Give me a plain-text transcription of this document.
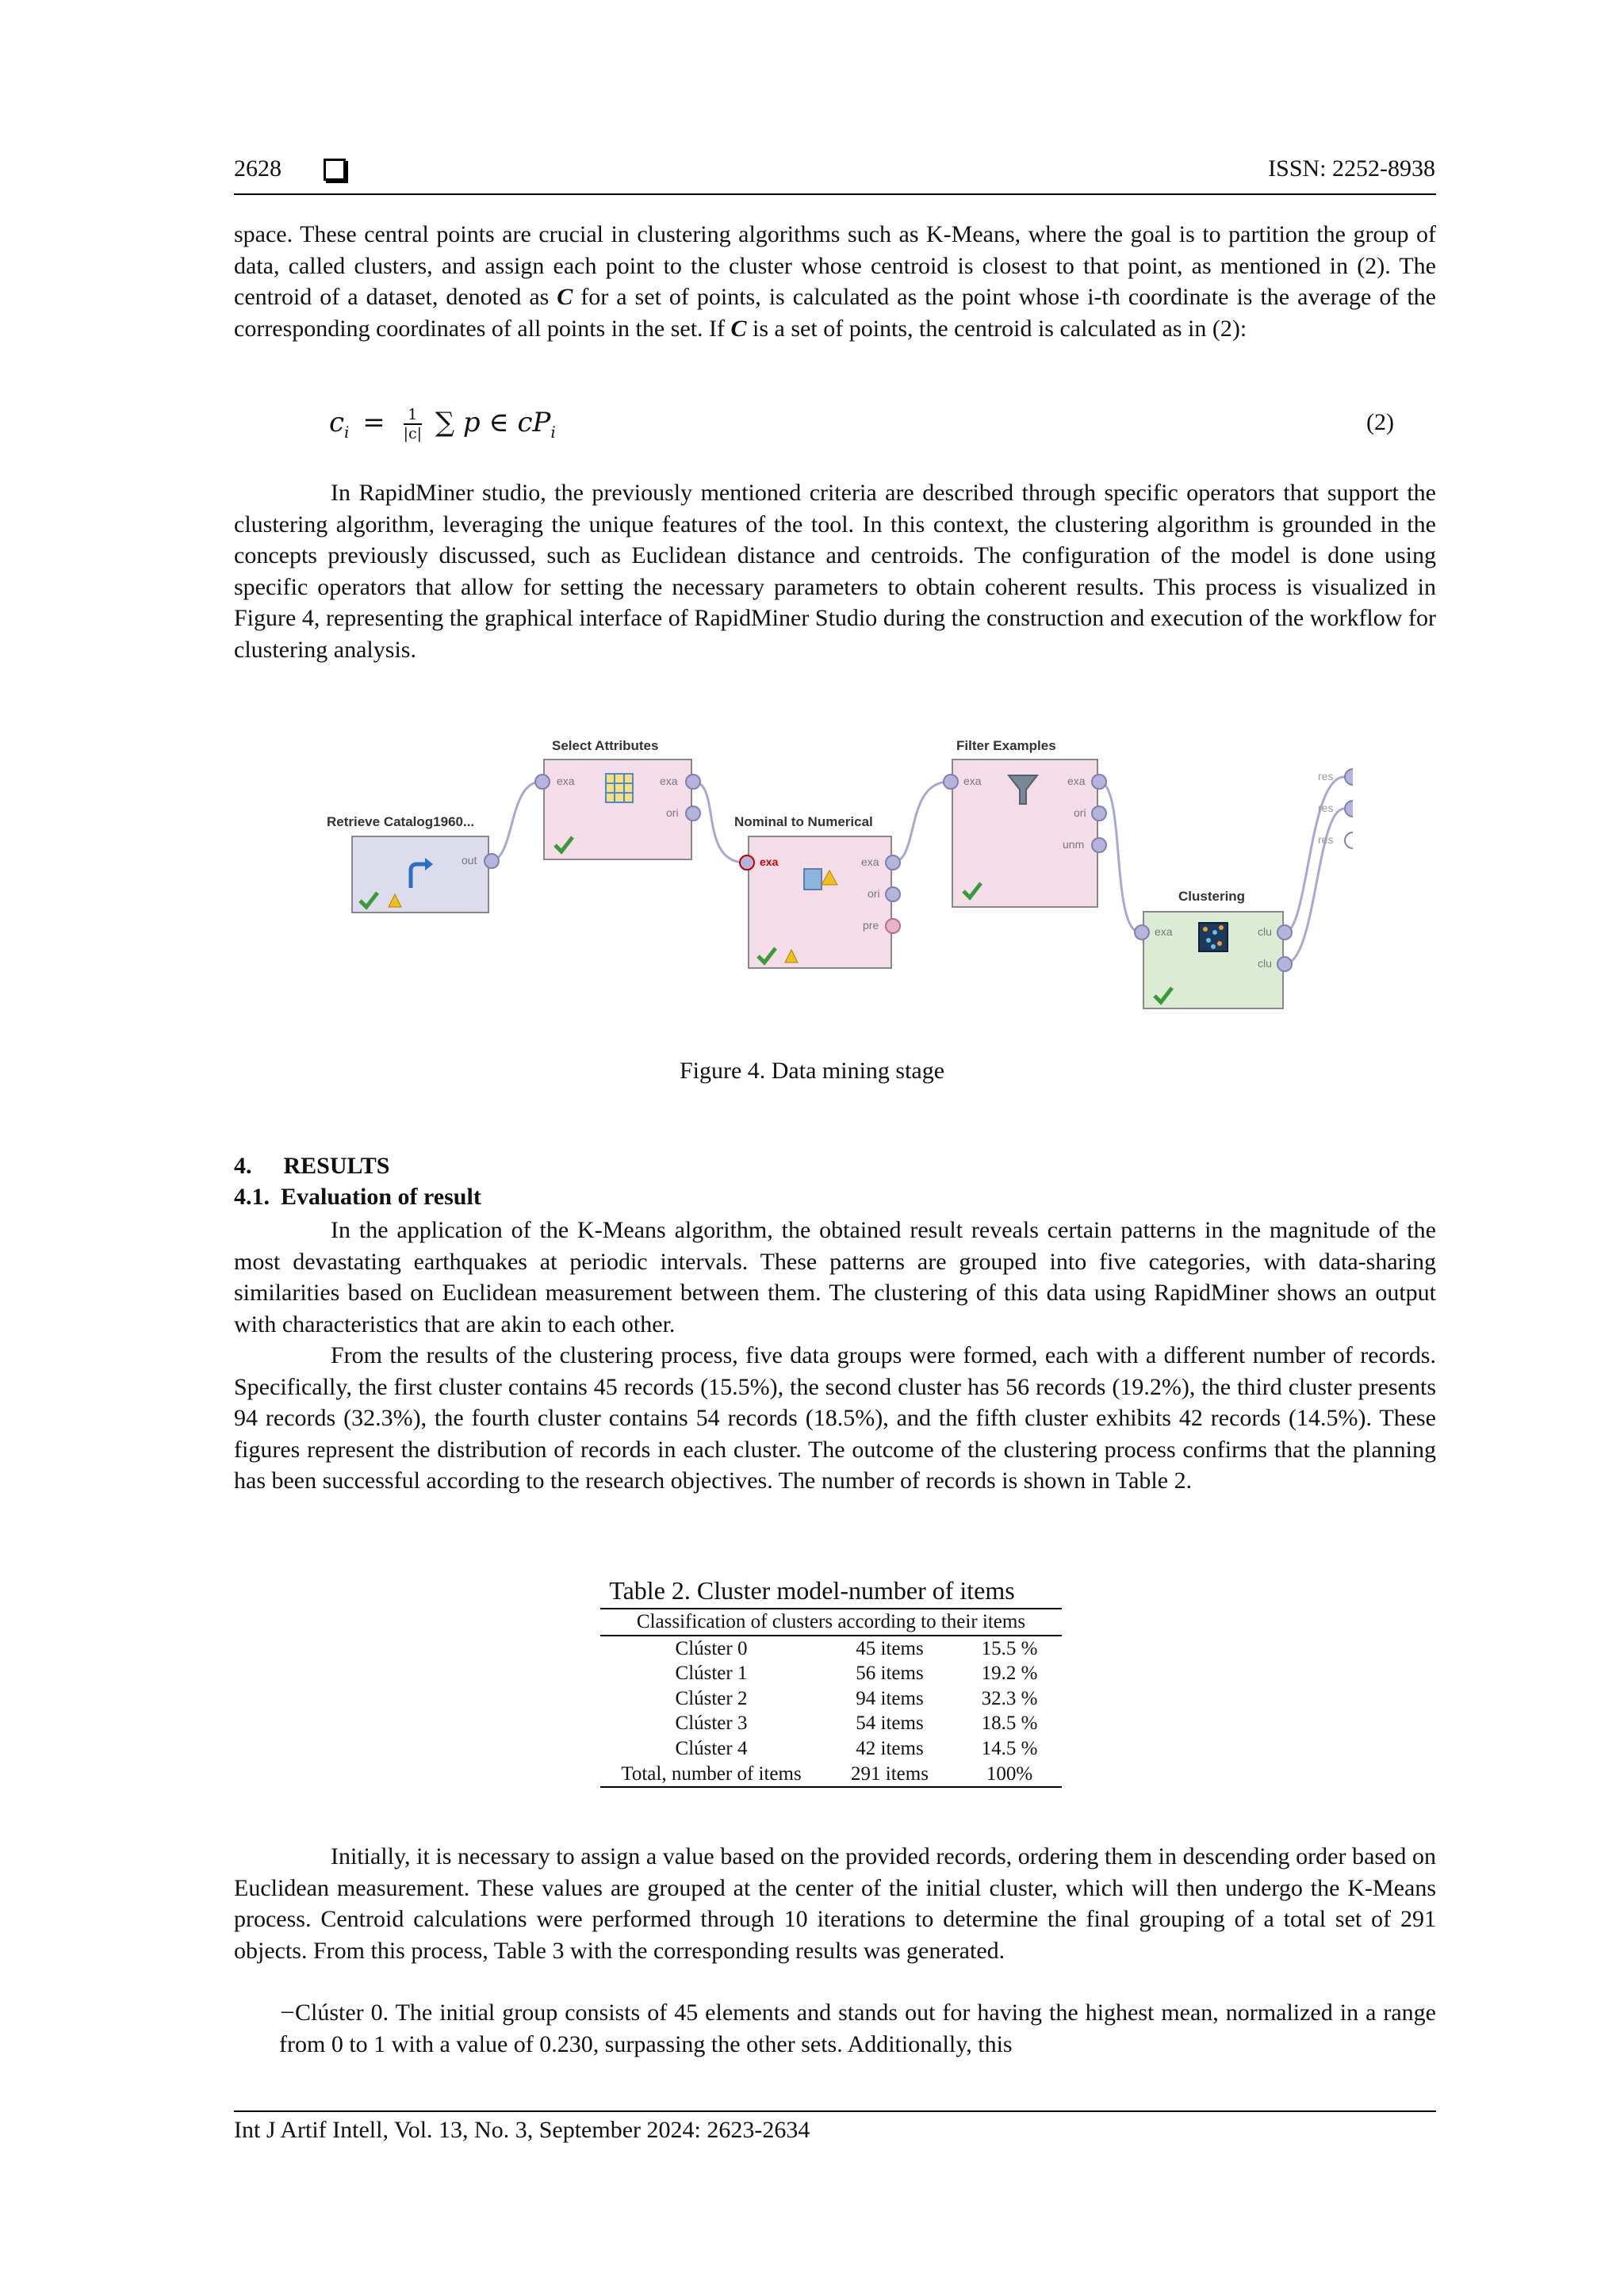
2628	ISSN: 2252-8938
space. These central points are crucial in clustering algorithms such as K-Means, where the goal is to partition the group of data, called clusters, and assign each point to the cluster whose centroid is closest to that point, as mentioned in (2). The centroid of a dataset, denoted as C for a set of points, is calculated as the point whose i-th coordinate is the average of the corresponding coordinates of all points in the set. If C is a set of points, the centroid is calculated as in (2):
$c_i = \frac{1}{|c|}$ ∑ p ∈ $cP_i$	(2)
In RapidMiner studio, the previously mentioned criteria are described through specific operators that support the clustering algorithm, leveraging the unique features of the tool. In this context, the clustering algorithm is grounded in the concepts previously discussed, such as Euclidean distance and centroids. The configuration of the model is done using specific operators that allow for setting the necessary parameters to obtain coherent results. This process is visualized in Figure 4, representing the graphical interface of RapidMiner Studio during the construction and execution of the workflow for clustering analysis.
Retrieve Catalog1960...
out
Select Attributes
exa	exa
ori
Nominal to Numerical
exa	exa
ori
pre
Filter Examples
exa	exa
ori
unm
Clustering
exa	clu
clu
res
res
res
Figure 4. Data mining stage
4. RESULTS
4.1. Evaluation of result
In the application of the K-Means algorithm, the obtained result reveals certain patterns in the magnitude of the most devastating earthquakes at periodic intervals. These patterns are grouped into five categories, with data-sharing similarities based on Euclidean measurement between them. The clustering of this data using RapidMiner shows an output with characteristics that are akin to each other.
From the results of the clustering process, five data groups were formed, each with a different number of records. Specifically, the first cluster contains 45 records (15.5%), the second cluster has 56 records (19.2%), the third cluster presents 94 records (32.3%), the fourth cluster contains 54 records (18.5%), and the fifth cluster exhibits 42 records (14.5%). These figures represent the distribution of records in each cluster. The outcome of the clustering process confirms that the planning has been successful according to the research objectives. The number of records is shown in Table 2.
Table 2. Cluster model-number of items
Classification of clusters according to their items		
Clúster 0	45 items	15.5 %
Clúster 1	56 items	19.2 %
Clúster 2	94 items	32.3 %
Clúster 3	54 items	18.5 %
Clúster 4	42 items	14.5 %
Total, number of items	291 items	100%
Initially, it is necessary to assign a value based on the provided records, ordering them in descending order based on Euclidean measurement. These values are grouped at the center of the initial cluster, which will then undergo the K-Means process. Centroid calculations were performed through 10 iterations to determine the final grouping of a total set of 291 objects. From this process, Table 3 with the corresponding results was generated.
– Clúster 0. The initial group consists of 45 elements and stands out for having the highest mean, normalized in a range from 0 to 1 with a value of 0.230, surpassing the other sets. Additionally, this
Int J Artif Intell, Vol. 13, No. 3, September 2024: 2623-2634
